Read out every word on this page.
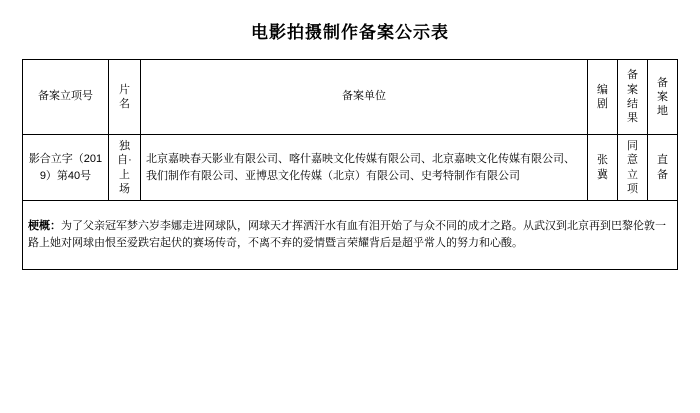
电影拍摄制作备案公示表
备案立项号	片名	备案单位	编剧	备案结果	备案地

影合立字（2019）第40号	独自·上场	北京嘉映春天影业有限公司、喀什嘉映文化传媒有限公司、北京嘉映文化传媒有限公司、我们制作有限公司、亚博思文化传媒（北京）有限公司、史考特制作有限公司	张冀	同意立项	直备

梗概：为了父亲冠军梦六岁李娜走进网球队，网球天才挥洒汗水有血有泪开始了与众不同的成才之路。从武汉到北京再到巴黎伦敦一路上她对网球由恨至爱跌宕起伏的赛场传奇，不离不弃的爱情暨言荣耀背后是超乎常人的努力和心酸。					
